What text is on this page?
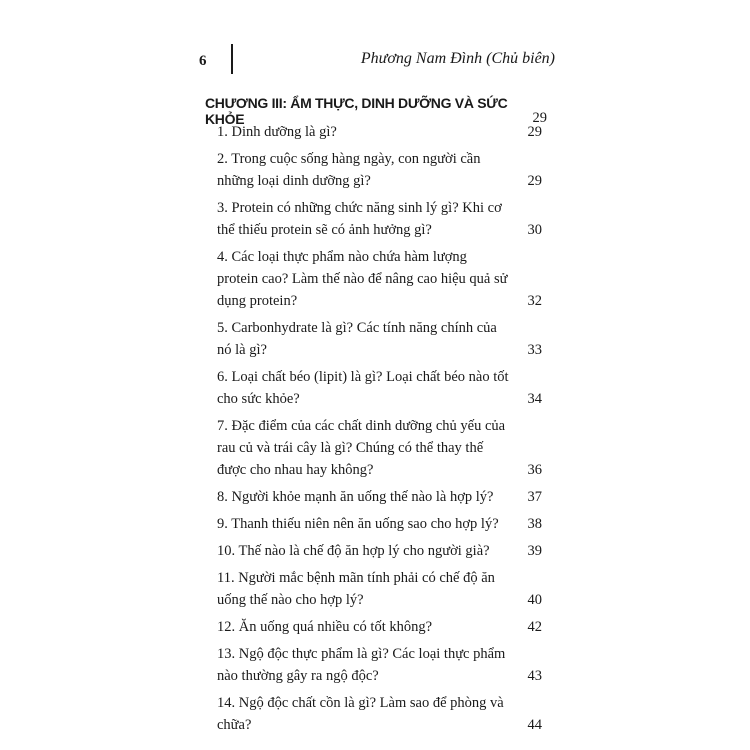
6	Phương Nam Đình (Chủ biên)
CHƯƠNG III: ẨM THỰC, DINH DƯỠNG VÀ SỨC KHỎE	29
1. Dinh dưỡng là gì?	29
2. Trong cuộc sống hàng ngày, con người cần những loại dinh dưỡng gì?	29
3. Protein có những chức năng sinh lý gì? Khi cơ thể thiếu protein sẽ có ảnh hưởng gì?	30
4. Các loại thực phẩm nào chứa hàm lượng protein cao? Làm thế nào để nâng cao hiệu quả sử dụng protein?	32
5. Carbonhydrate là gì? Các tính năng chính của nó là gì?	33
6. Loại chất béo (lipit) là gì? Loại chất béo nào tốt cho sức khỏe?	34
7. Đặc điểm của các chất dinh dưỡng chủ yếu của rau củ và trái cây là gì? Chúng có thể thay thế được cho nhau hay không?	36
8. Người khỏe mạnh ăn uống thế nào là hợp lý?	37
9. Thanh thiếu niên nên ăn uống sao cho hợp lý?	38
10. Thế nào là chế độ ăn hợp lý cho người già?	39
11. Người mắc bệnh mãn tính phải có chế độ ăn uống thế nào cho hợp lý?	40
12. Ăn uống quá nhiều có tốt không?	42
13. Ngộ độc thực phẩm là gì? Các loại thực phẩm nào thường gây ra ngộ độc?	43
14. Ngộ độc chất cồn là gì? Làm sao để phòng và chữa?	44
